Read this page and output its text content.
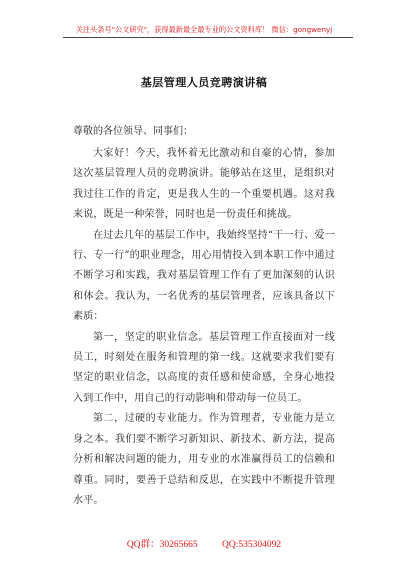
关注头条号"公文研究"，获得最新最全最专业的公文资料库！ 微信：gongwenyj
基层管理人员竞聘演讲稿

尊敬的各位领导、同事们：

大家好！今天，我怀着无比激动和自豪的心情，参加这次基层管理人员的竞聘演讲。能够站在这里，是组织对我过往工作的肯定，更是我人生的一个重要机遇。这对我来说，既是一种荣誉，同时也是一份责任和挑战。

在过去几年的基层工作中，我始终坚持“干一行、爱一行、专一行”的职业理念，用心用情投入到本职工作中通过不断学习和实践，我对基层管理工作有了更加深刻的认识和体会。我认为，一名优秀的基层管理者，应该具备以下素质：

第一，坚定的职业信念。基层管理工作直接面对一线员工，时刻处在服务和管理的第一线。这就要求我们要有坚定的职业信念，以高度的责任感和使命感，全身心地投入到工作中，用自己的行动影响和带动每一位员工。

第二，过硬的专业能力。作为管理者，专业能力是立身之本。我们要不断学习新知识、新技术、新方法，提高分析和解决问题的能力，用专业的水准赢得员工的信赖和尊重。同时，要善于总结和反思，在实践中不断提升管理水平。

QQ群：30265665	QQ:535304092
